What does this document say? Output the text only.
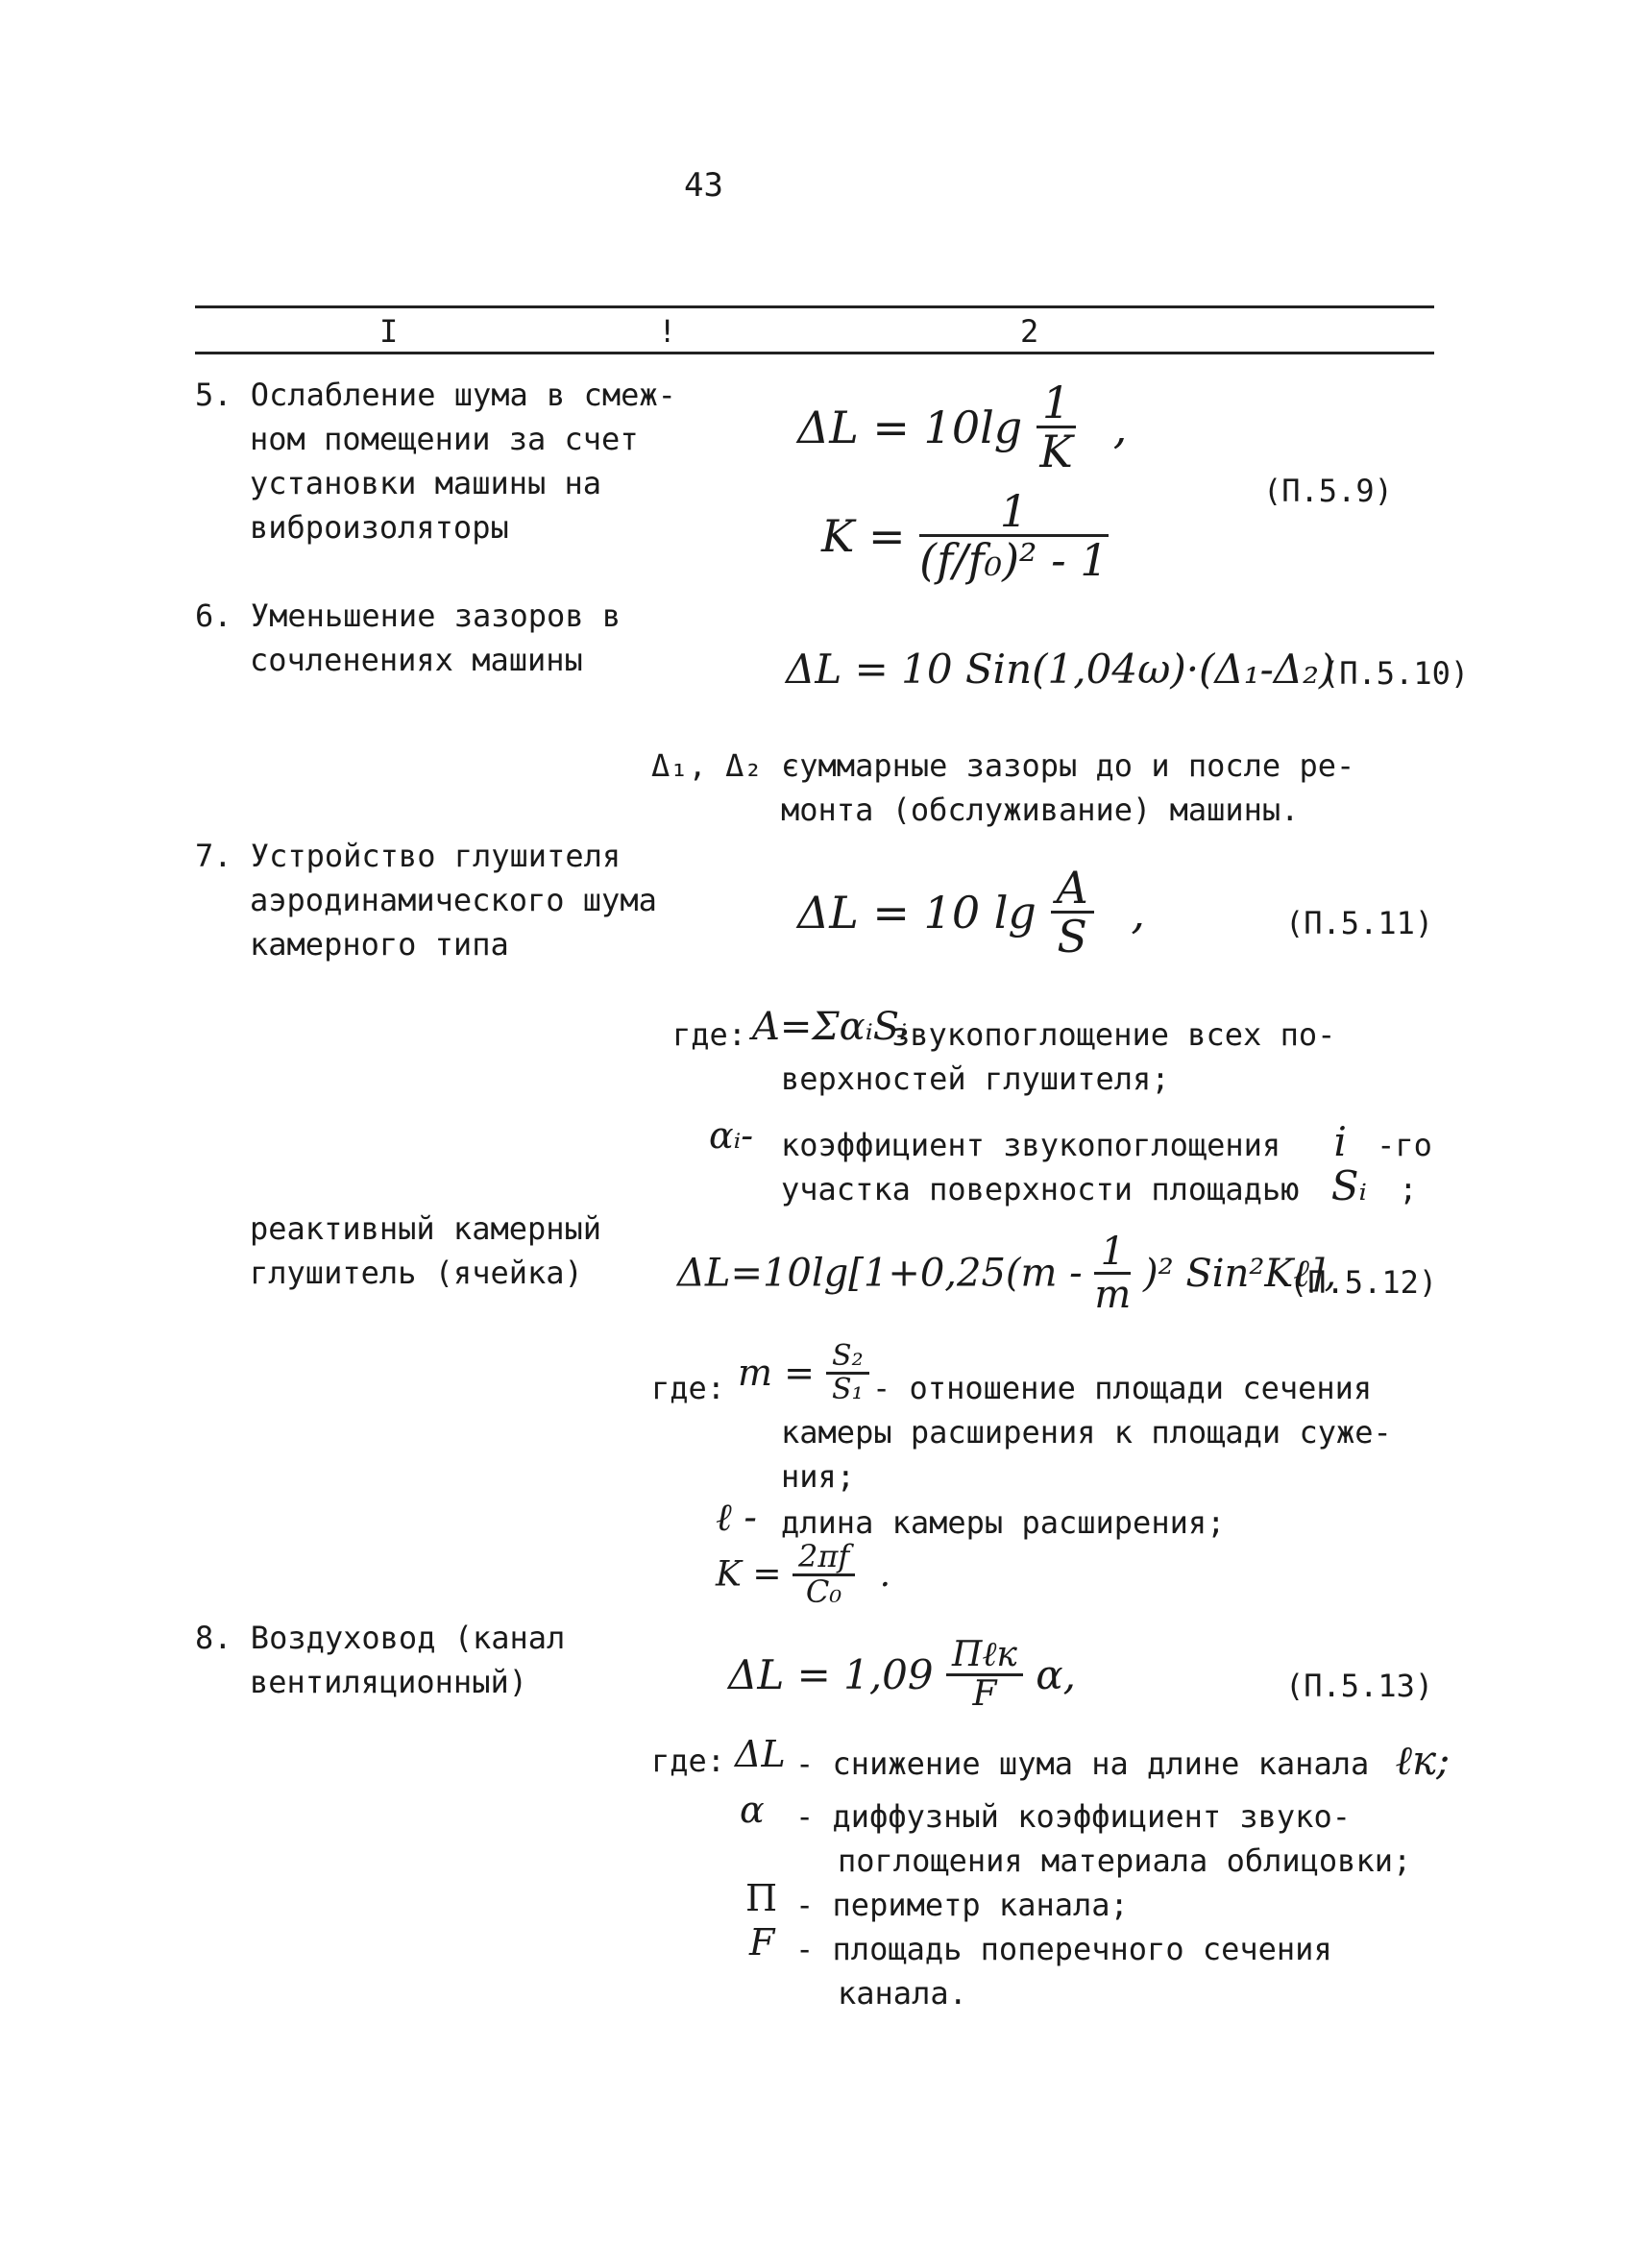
43
I	!	2
5. Ослабление шума в смеж-
ном помещении за счет
установки машины на
виброизоляторы
$\Delta L = 10\lg \frac{1}{K}$ ,
$K = \frac{1}{\text{(f/f₀)² - 1}}$	(П.5.9)
6. Уменьшение зазоров в
сочленениях машины	ΔL = 10 Sin(1,04ω)·(Δ₁-Δ₂)
(П.5.10)
Δ₁, Δ₂ -
суммарные зазоры до и после ре-
монта (обслуживание) машины.
7. Устройство глушителя
аэродинамического шума
камерного типа
ΔL = 10 $\lg \frac{A}{S}$ ,	(П.5.11)
где: A=ΣαᵢSᵢ
звукопоглощение всех по-
верхностей глушителя;
αᵢ- коэффициент звукопоглощения i -го
участка поверхности площадью Sᵢ ;
реактивный камерный
глушитель (ячейка)	$\Delta L=10\lg[1+0,25(m - \frac{1}{m} )^2$ Sin²Kℓ],
(П.5.12)
где: $m = \frac{\text{S₂}}{\text{S₁}}$ - отношение площади сечения
камеры расширения к площади суже-
ния;
ℓ - длина камеры расширения;
$K = \frac{2\pi f}{\text{C₀}}$ .
8. Воздуховод (канал
вентиляционный)	$\Delta L = 1,09 \frac{\text{Пℓк}}{F} \alpha$,	(П.5.13)
где: ΔL - снижение шума на длине канала ℓк;
α - диффузный коэффициент звуко-
поглощения материала облицовки;
П - периметр канала;
F - площадь поперечного сечения
канала.
